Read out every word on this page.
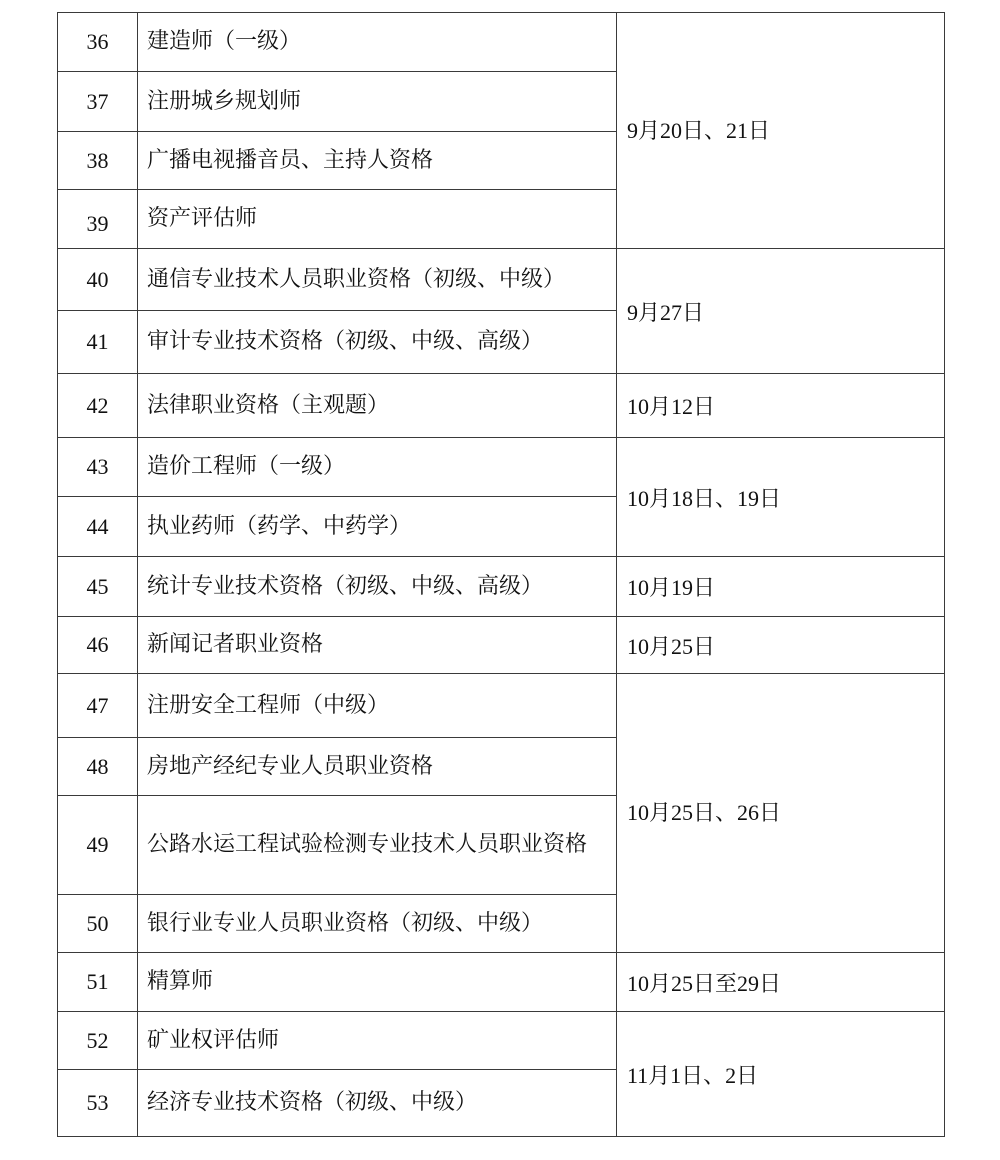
36	建造师（一级）	9月20日、21日

37	注册城乡规划师	
38	广播电视播音员、主持人资格	
39	资产评估师	
40	通信专业技术人员职业资格（初级、中级）	9月27日

41	审计专业技术资格（初级、中级、高级）	
42	法律职业资格（主观题）	10月12日

43	造价工程师（一级）	10月18日、19日

44	执业药师（药学、中药学）	
45	统计专业技术资格（初级、中级、高级）	10月19日

46	新闻记者职业资格	10月25日

47	注册安全工程师（中级）	10月25日、26日

48	房地产经纪专业人员职业资格	
49	公路水运工程试验检测专业技术人员职业资格	
50	银行业专业人员职业资格（初级、中级）	
51	精算师	10月25日至29日

52	矿业权评估师	11月1日、2日

53	经济专业技术资格（初级、中级）	
